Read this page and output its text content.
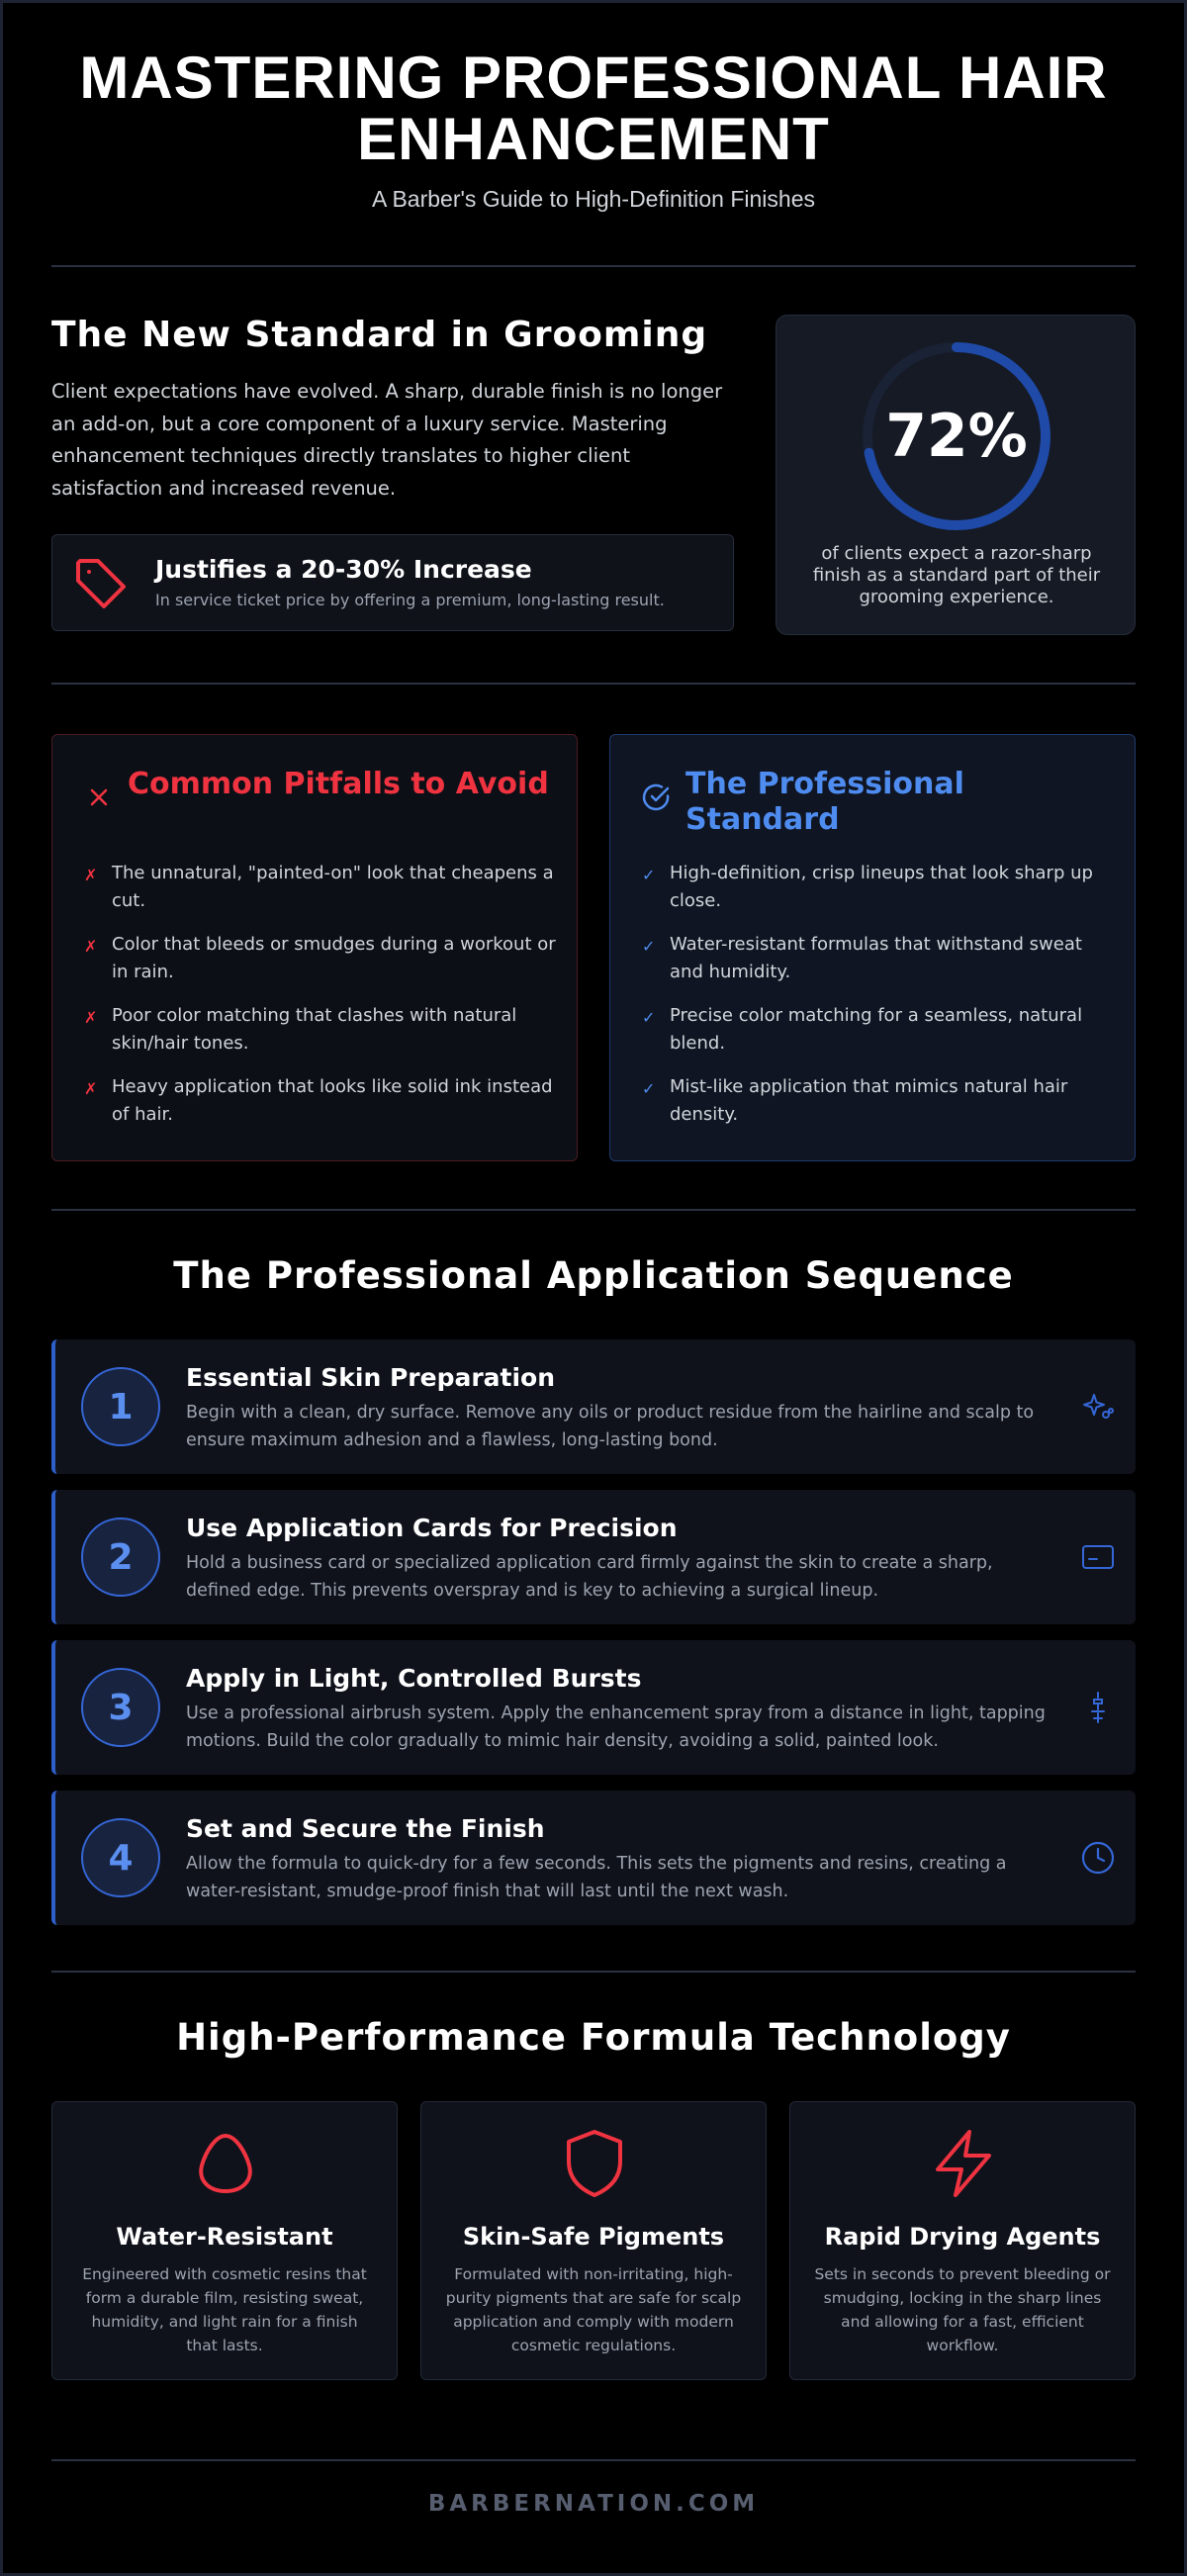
MASTERING PROFESSIONAL HAIR ENHANCEMENT
A Barber's Guide to High-Definition Finishes
The New Standard in Grooming

Client expectations have evolved. A sharp, durable finish is no longer an add-on, but a core component of a luxury service. Mastering enhancement techniques directly translates to higher client satisfaction and increased revenue.

Justifies a 20-30% Increase
In service ticket price by offering a premium, long-lasting result.
72%
of clients expect a razor-sharp finish as a standard part of their grooming experience.
Common Pitfalls to Avoid
✗ The unnatural, "painted-on" look that cheapens a cut.
✗ Color that bleeds or smudges during a workout or in rain.
✗ Poor color matching that clashes with natural skin/hair tones.
✗ Heavy application that looks like solid ink instead of hair.
The Professional Standard
✓ High-definition, crisp lineups that look sharp up close.
✓ Water-resistant formulas that withstand sweat and humidity.
✓ Precise color matching for a seamless, natural blend.
✓ Mist-like application that mimics natural hair density.
The Professional Application Sequence
1
Essential Skin Preparation
Begin with a clean, dry surface. Remove any oils or product residue from the hairline and scalp to ensure maximum adhesion and a flawless, long-lasting bond.
2
Use Application Cards for Precision
Hold a business card or specialized application card firmly against the skin to create a sharp, defined edge. This prevents overspray and is key to achieving a surgical lineup.
3
Apply in Light, Controlled Bursts
Use a professional airbrush system. Apply the enhancement spray from a distance in light, tapping motions. Build the color gradually to mimic hair density, avoiding a solid, painted look.
4
Set and Secure the Finish
Allow the formula to quick-dry for a few seconds. This sets the pigments and resins, creating a water-resistant, smudge-proof finish that will last until the next wash.
High-Performance Formula Technology
Water-Resistant
Engineered with cosmetic resins that form a durable film, resisting sweat, humidity, and light rain for a finish that lasts.
Skin-Safe Pigments
Formulated with non-irritating, high-purity pigments that are safe for scalp application and comply with modern cosmetic regulations.
Rapid Drying Agents
Sets in seconds to prevent bleeding or smudging, locking in the sharp lines and allowing for a fast, efficient workflow.
BARBERNATION.COM
